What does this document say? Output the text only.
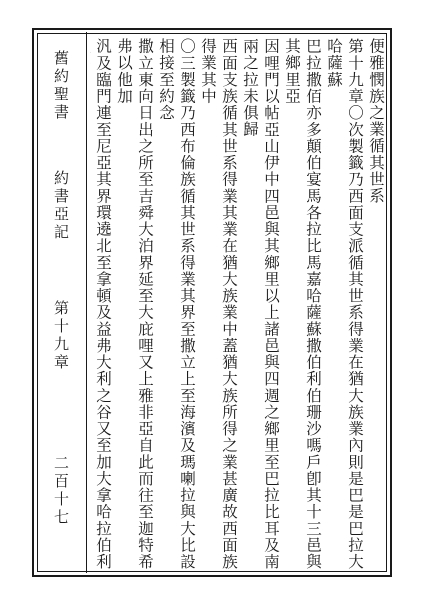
舊約聖書
約書亞記
第十九章
二百十七
便雅憫族之業循其世系
第十九章〇次製籤乃西面支派循其世系得業在猶大族業內則是巴是巴拉大哈薩蘇
巴拉撒佰亦多顛伯宴馬各拉比馬嘉哈薩蘇撒伯利伯珊沙嗎戶卽其十三邑與其鄉里亞
因哩門以帖亞山伊中四邑與其鄉里以上諸邑與四週之鄉里至巴拉比耳及南兩之拉未俱歸
西面支族循其世系得業其業在猶大族業中蓋猶大族所得之業甚廣故西面族得業其中
〇三製籤乃西布倫族循其世系得業其界至撒立上至海濱及瑪喇拉與大比設相接至約念
撒立東向日出之所至吉舜大泊界延至大庇哩又上雅非亞自此而往至迦特希弗以他加
汎及臨門連至尼亞其界環遶北至拿頓及益弗大利之谷又至加大拿哈拉伯利
